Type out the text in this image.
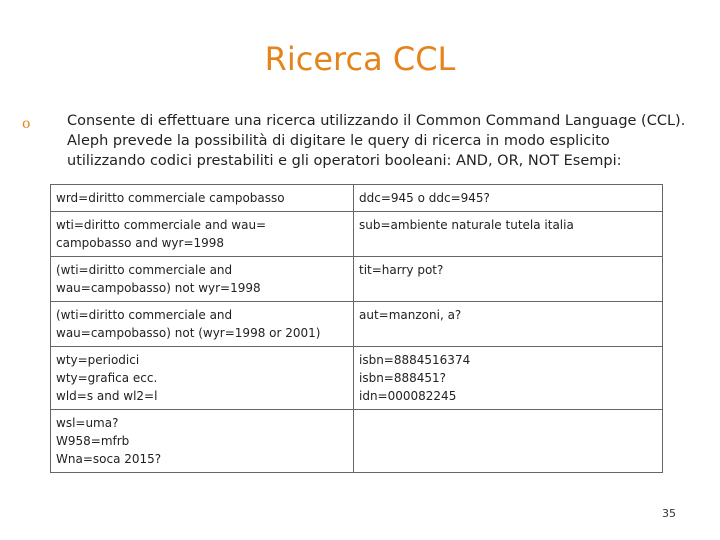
Ricerca CCL
o	Consente di effettuare una ricerca utilizzando il Common Command Language (CCL).
Aleph prevede la possibilità di digitare le query di ricerca in modo esplicito
utilizzando codici prestabiliti e gli operatori booleani: AND, OR, NOT Esempi:
wrd=diritto commerciale campobasso	ddc=945 o ddc=945?

wti=diritto commerciale and wau=
campobasso and wyr=1998	sub=ambiente naturale tutela italia

(wti=diritto commerciale and
wau=campobasso) not wyr=1998	tit=harry pot?

(wti=diritto commerciale and
wau=campobasso) not (wyr=1998 or 2001)	aut=manzoni, a?

wty=periodici
wty=grafica ecc.
wld=s and wl2=l	isbn=8884516374
isbn=888451?
idn=000082245

wsl=uma?
W958=mfrb
Wna=soca 2015?	

35
